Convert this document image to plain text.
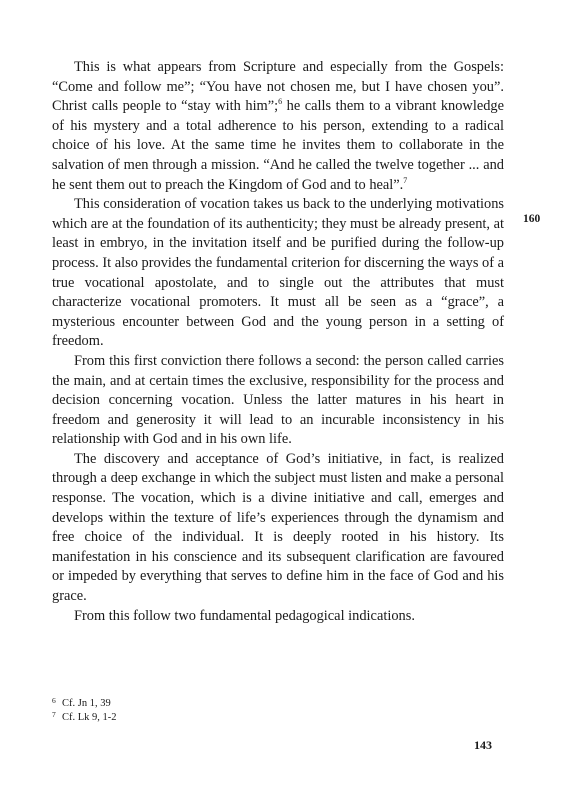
This is what appears from Scripture and especially from the Gospels: “Come and follow me”; “You have not chosen me, but I have chosen you”. Christ calls people to “stay with him”;$^6$ he calls them to a vibrant knowledge of his mystery and a total adherence to his person, extending to a radical choice of his love. At the same time he invites them to collaborate in the salvation of men through a mission. “And he called the twelve together ... and he sent them out to preach the Kingdom of God and to heal”.$^7$

This consideration of vocation takes us back to the underlying motivations which are at the foundation of its authenticity; they must be already present, at least in embryo, in the invitation itself and be purified during the follow-up process. It also provides the fundamental criterion for discerning the ways of a true vocational apostolate, and to single out the attributes that must characterize vocational promoters. It must all be seen as a “grace”, a mysterious encounter between God and the young person in a setting of freedom.

From this first conviction there follows a second: the person called carries the main, and at certain times the exclusive, responsibility for the process and decision concerning vocation. Unless the latter matures in his heart in freedom and generosity it will lead to an incurable inconsistency in his relationship with God and in his own life.

The discovery and acceptance of God’s initiative, in fact, is realized through a deep exchange in which the subject must listen and make a personal response. The vocation, which is a divine initiative and call, emerges and develops within the texture of life’s experiences through the dynamism and free choice of the individual. It is deeply rooted in his history. Its manifestation in his conscience and its subsequent clarification are favoured or impeded by everything that serves to define him in the face of God and his grace.

From this follow two fundamental pedagogical indications.

160

6 Cf. Jn 1, 39

7 Cf. Lk 9, 1-2

143
